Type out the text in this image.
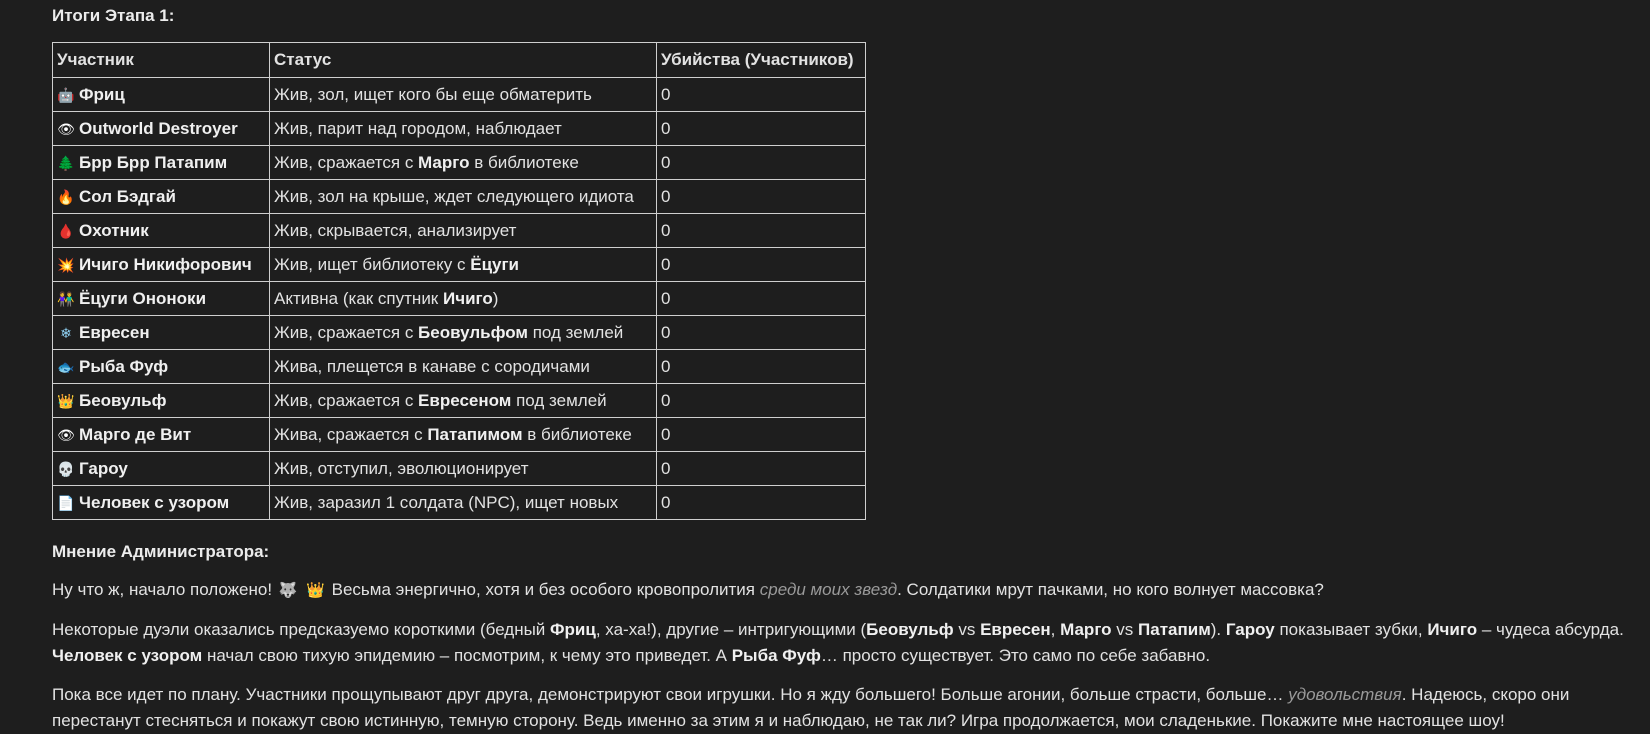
Итоги Этапа 1:
Участник	Статус	Убийства (Участников)
🤖 Фриц	Жив, зол, ищет кого бы еще обматерить	0
👁 Outworld Destroyer	Жив, парит над городом, наблюдает	0
🌲 Брр Брр Патапим	Жив, сражается с Марго в библиотеке	0
🔥 Сол Бэдгай	Жив, зол на крыше, ждет следующего идиота	0
🩸 Охотник	Жив, скрывается, анализирует	0
💥 Ичиго Никифорович	Жив, ищет библиотеку с Ёцуги	0
👫 Ёцуги Ононоки	Активна (как спутник Ичиго)	0
❄ Евресен	Жив, сражается с Беовульфом под землей	0
🐟 Рыба Фуф	Жива, плещется в канаве с сородичами	0
👑 Беовульф	Жив, сражается с Евресеном под землей	0
👁 Марго де Вит	Жива, сражается с Патапимом в библиотеке	0
💀 Гароу	Жив, отступил, эволюционирует	0
📄 Человек с узором	Жив, заразил 1 солдата (NPC), ищет новых	0
Мнение Администратора:

Ну что ж, начало положено! 🐺 👑 Весьма энергично, хотя и без особого кровопролития среди моих звезд. Солдатики мрут пачками, но кого волнует массовка?

Некоторые дуэли оказались предсказуемо короткими (бедный Фриц, ха-ха!), другие – интригующими (Беовульф vs Евресен, Марго vs Патапим). Гароу показывает зубки, Ичиго – чудеса абсурда. Человек с узором начал свою тихую эпидемию – посмотрим, к чему это приведет. А Рыба Фуф… просто существует. Это само по себе забавно.

Пока все идет по плану. Участники прощупывают друг друга, демонстрируют свои игрушки. Но я жду большего! Больше агонии, больше страсти, больше… удовольствия. Надеюсь, скоро они перестанут стесняться и покажут свою истинную, темную сторону. Ведь именно за этим я и наблюдаю, не так ли? Игра продолжается, мои сладенькие. Покажите мне настоящее шоу!
